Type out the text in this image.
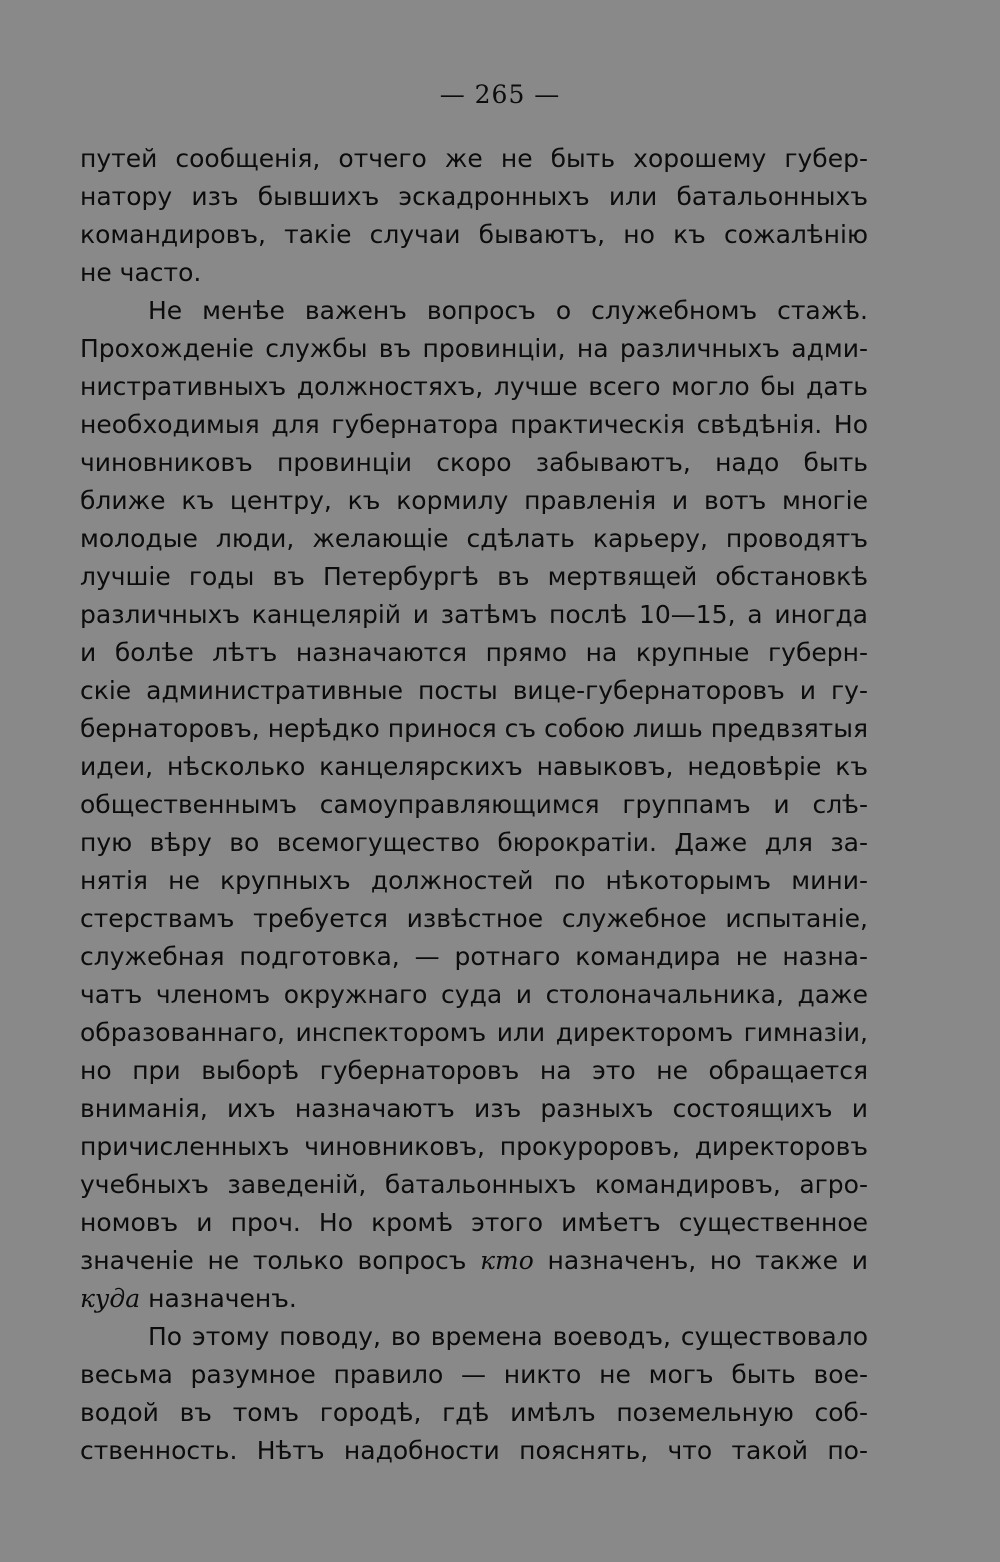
— 265 —
путей сообщенія, отчего же не быть хорошему губер-
натору изъ бывшихъ эскадронныхъ или батальонныхъ
командировъ, такіе случаи бываютъ, но къ сожалѣнію
не часто.
Не менѣе важенъ вопросъ о служебномъ стажѣ.
Прохожденіе службы въ провинціи, на различныхъ адми-
нистративныхъ должностяхъ, лучше всего могло бы дать
необходимыя для губернатора практическія свѣдѣнія. Но
чиновниковъ провинціи скоро забываютъ, надо быть
ближе къ центру, къ кормилу правленія и вотъ многіе
молодые люди, желающіе сдѣлать карьеру, проводятъ
лучшіе годы въ Петербургѣ въ мертвящей обстановкѣ
различныхъ канцелярій и затѣмъ послѣ 10—15, а иногда
и болѣе лѣтъ назначаются прямо на крупные губерн-
скіе административные посты вице-губернаторовъ и гу-
бернаторовъ, нерѣдко принося съ собою лишь предвзятыя
идеи, нѣсколько канцелярскихъ навыковъ, недовѣріе къ
общественнымъ самоуправляющимся группамъ и слѣ-
пую вѣру во всемогущество бюрократіи. Даже для за-
нятія не крупныхъ должностей по нѣкоторымъ мини-
стерствамъ требуется извѣстное служебное испытаніе,
служебная подготовка, — ротнаго командира не назна-
чатъ членомъ окружнаго суда и столоначальника, даже
образованнаго, инспекторомъ или директоромъ гимназіи,
но при выборѣ губернаторовъ на это не обращается
вниманія, ихъ назначаютъ изъ разныхъ состоящихъ и
причисленныхъ чиновниковъ, прокуроровъ, директоровъ
учебныхъ заведеній, батальонныхъ командировъ, агро-
номовъ и проч. Но кромѣ этого имѣетъ существенное
значеніе не только вопросъ кто назначенъ, но также и
куда назначенъ.
По этому поводу, во времена воеводъ, существовало
весьма разумное правило — никто не могъ быть вое-
водой въ томъ городѣ, гдѣ имѣлъ поземельную соб-
ственность. Нѣтъ надобности пояснять, что такой по-
